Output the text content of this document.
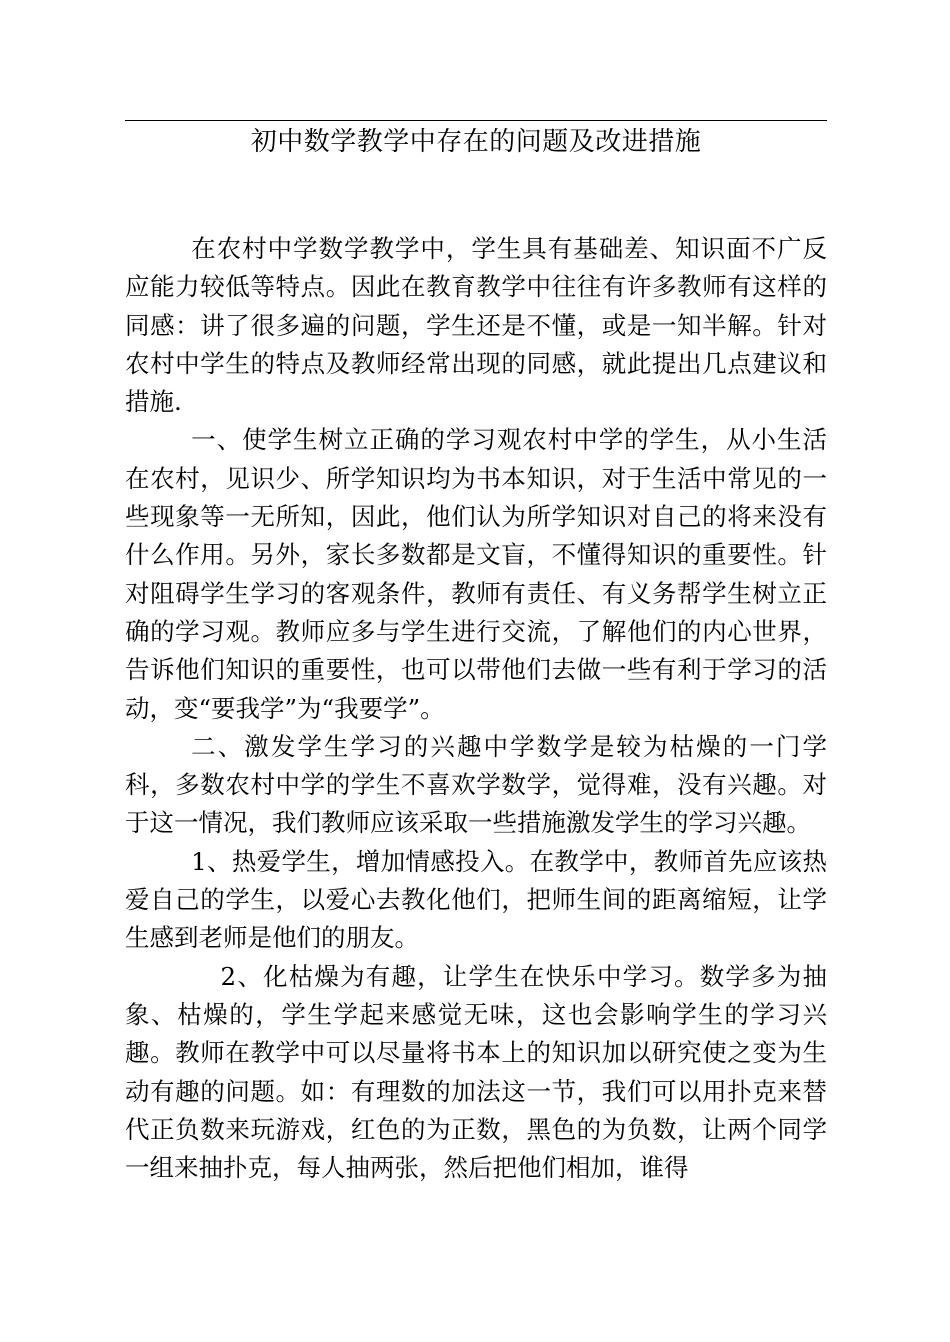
初中数学教学中存在的问题及改进措施

在农村中学数学教学中，学生具有基础差、知识面不广反应能力较低等特点。因此在教育教学中往往有许多教师有这样的同感：讲了很多遍的问题，学生还是不懂，或是一知半解。针对农村中学生的特点及教师经常出现的同感，就此提出几点建议和措施.

一、使学生树立正确的学习观农村中学的学生，从小生活在农村，见识少、所学知识均为书本知识，对于生活中常见的一些现象等一无所知，因此，他们认为所学知识对自己的将来没有什么作用。另外，家长多数都是文盲，不懂得知识的重要性。针对阻碍学生学习的客观条件，教师有责任、有义务帮学生树立正确的学习观。教师应多与学生进行交流，了解他们的内心世界，告诉他们知识的重要性，也可以带他们去做一些有利于学习的活动，变“要我学”为“我要学”。

二、激发学生学习的兴趣中学数学是较为枯燥的一门学科，多数农村中学的学生不喜欢学数学，觉得难，没有兴趣。对于这一情况，我们教师应该采取一些措施激发学生的学习兴趣。

1、热爱学生，增加情感投入。在教学中，教师首先应该热爱自己的学生，以爱心去教化他们，把师生间的距离缩短，让学生感到老师是他们的朋友。

2、化枯燥为有趣，让学生在快乐中学习。数学多为抽象、枯燥的，学生学起来感觉无味，这也会影响学生的学习兴趣。教师在教学中可以尽量将书本上的知识加以研究使之变为生动有趣的问题。如：有理数的加法这一节，我们可以用扑克来替代正负数来玩游戏，红色的为正数，黑色的为负数，让两个同学一组来抽扑克，每人抽两张，然后把他们相加，谁得
